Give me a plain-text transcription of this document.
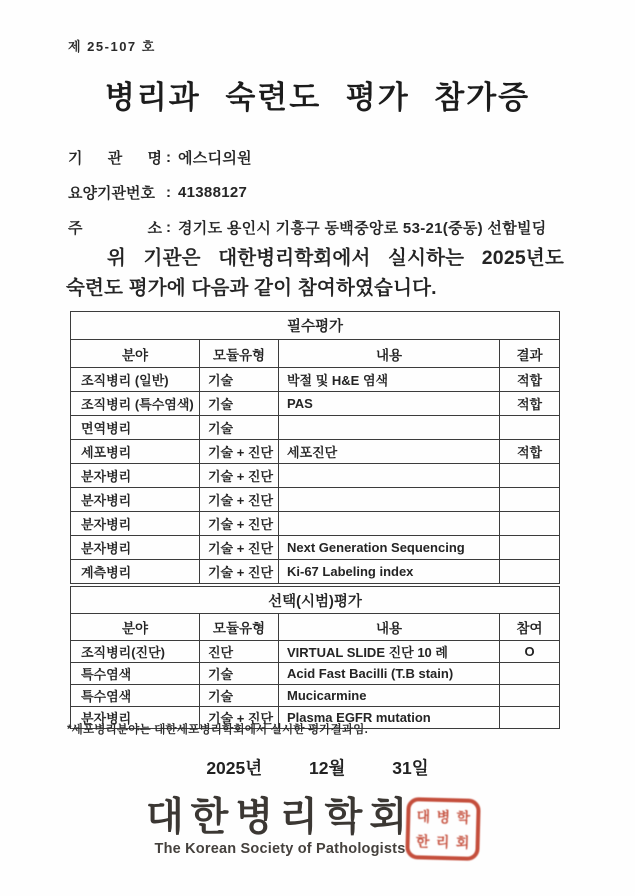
제 25-107 호
병리과 숙련도 평가 참가증
기 관 명 : 에스디의원
요양기관번호 : 41388127
주 소 : 경기도 용인시 기흥구 동백중앙로 53-21(중동) 선함빌딩
위 기관은 대한병리학회에서 실시하는 2025년도
숙련도 평가에 다음과 같이 참여하였습니다.
필수평가			
분야	모듈유형	내용	결과
조직병리 (일반)	기술	박절 및 H&E 염색	적합
조직병리 (특수염색)	기술	PAS	적합
면역병리	기술		
세포병리	기술 + 진단	세포진단	적합
분자병리	기술 + 진단		
분자병리	기술 + 진단		
분자병리	기술 + 진단		
분자병리	기술 + 진단	Next Generation Sequencing	
계측병리	기술 + 진단	Ki-67 Labeling index	
선택(시범)평가			
분야	모듈유형	내용	참여
조직병리(진단)	진단	VIRTUAL SLIDE 진단 10 례	O
특수염색	기술	Acid Fast Bacilli (T.B stain)	
특수염색	기술	Mucicarmine	
분자병리	기술 + 진단	Plasma EGFR mutation	
*세포병리분야는 대한세포병리학회에서 실시한 평가결과임.
2025년	12월	31일
대한병리학회
The Korean Society of Pathologists
대 병 학
한 리 회
